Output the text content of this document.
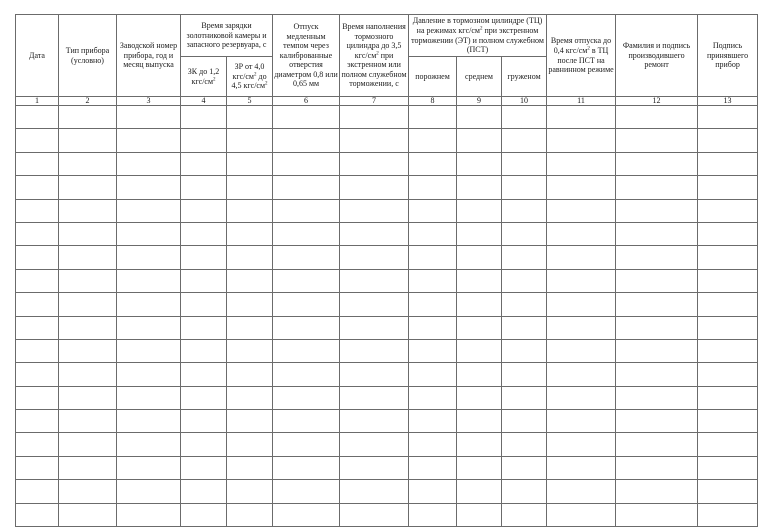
Дата	Тип прибора (условно)	Заводской номер прибора, год и месяц выпуска	Время зарядки золотниковой камеры и запасного резервуара, с		Отпуск медленным темпом через калиброванные отверстия диаметром 0,8 или 0,65 мм	Время наполнения тормозного цилиндра до 3,5 кгс/$см^2$ при экстренном или полном служебном торможении, с	Давление в тормозном цилиндре (ТЦ) на режимах кгс/$см^2$ при экстренном торможении (ЭТ) и полном служебном (ПСТ)			Время отпуска до 0,4 кгс/$см^2$ в ТЦ после ПСТ на равнинном режиме	Фамилия и подпись производившего ремонт	Подпись принявшего прибор
			ЗК до 1,2 кгс/$см^2$	ЗР от 4,0 кгс/$см^2$ до 4,5 кгс/$см^2$			порожнем	среднем	груженом			
1	2	3	4	5	6	7	8	9	10	11	12	13
